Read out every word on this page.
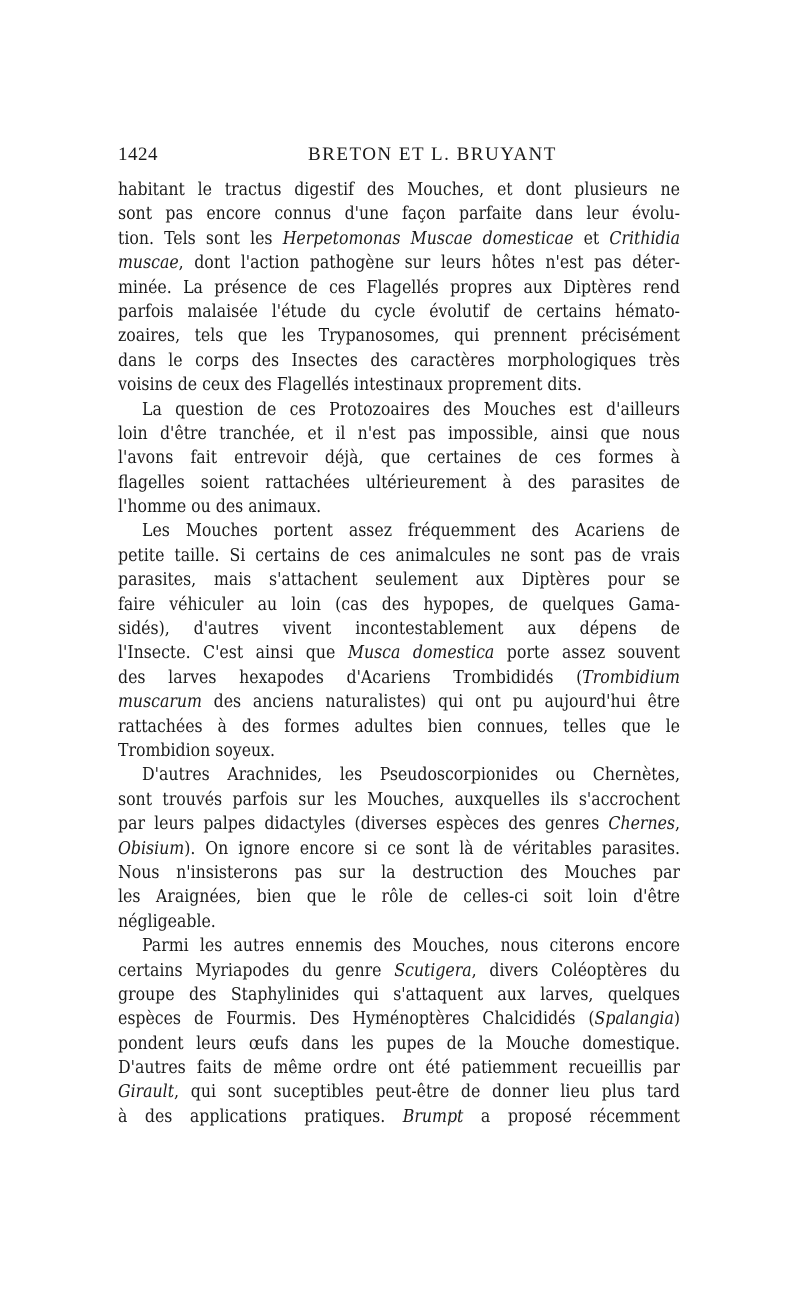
1424	BRETON ET L. BRUYANT
habitant le tractus digestif des Mouches, et dont plusieurs ne
sont pas encore connus d'une façon parfaite dans leur évolu-
tion. Tels sont les Herpetomonas Muscae domesticae et Crithidia
muscae, dont l'action pathogène sur leurs hôtes n'est pas déter-
minée. La présence de ces Flagellés propres aux Diptères rend
parfois malaisée l'étude du cycle évolutif de certains hémato-
zoaires, tels que les Trypanosomes, qui prennent précisément
dans le corps des Insectes des caractères morphologiques très
voisins de ceux des Flagellés intestinaux proprement dits.
La question de ces Protozoaires des Mouches est d'ailleurs
loin d'être tranchée, et il n'est pas impossible, ainsi que nous
l'avons fait entrevoir déjà, que certaines de ces formes à
flagelles soient rattachées ultérieurement à des parasites de
l'homme ou des animaux.
Les Mouches portent assez fréquemment des Acariens de
petite taille. Si certains de ces animalcules ne sont pas de vrais
parasites, mais s'attachent seulement aux Diptères pour se
faire véhiculer au loin (cas des hypopes, de quelques Gama-
sidés), d'autres vivent incontestablement aux dépens de
l'Insecte. C'est ainsi que Musca domestica porte assez souvent
des larves hexapodes d'Acariens Trombididés (Trombidium
muscarum des anciens naturalistes) qui ont pu aujourd'hui être
rattachées à des formes adultes bien connues, telles que le
Trombidion soyeux.
D'autres Arachnides, les Pseudoscorpionides ou Chernètes,
sont trouvés parfois sur les Mouches, auxquelles ils s'accrochent
par leurs palpes didactyles (diverses espèces des genres Chernes,
Obisium). On ignore encore si ce sont là de véritables parasites.
Nous n'insisterons pas sur la destruction des Mouches par
les Araignées, bien que le rôle de celles-ci soit loin d'être
négligeable.
Parmi les autres ennemis des Mouches, nous citerons encore
certains Myriapodes du genre Scutigera, divers Coléoptères du
groupe des Staphylinides qui s'attaquent aux larves, quelques
espèces de Fourmis. Des Hyménoptères Chalcididés (Spalangia)
pondent leurs œufs dans les pupes de la Mouche domestique.
D'autres faits de même ordre ont été patiemment recueillis par
Girault, qui sont suceptibles peut-être de donner lieu plus tard
à des applications pratiques. Brumpt a proposé récemment
